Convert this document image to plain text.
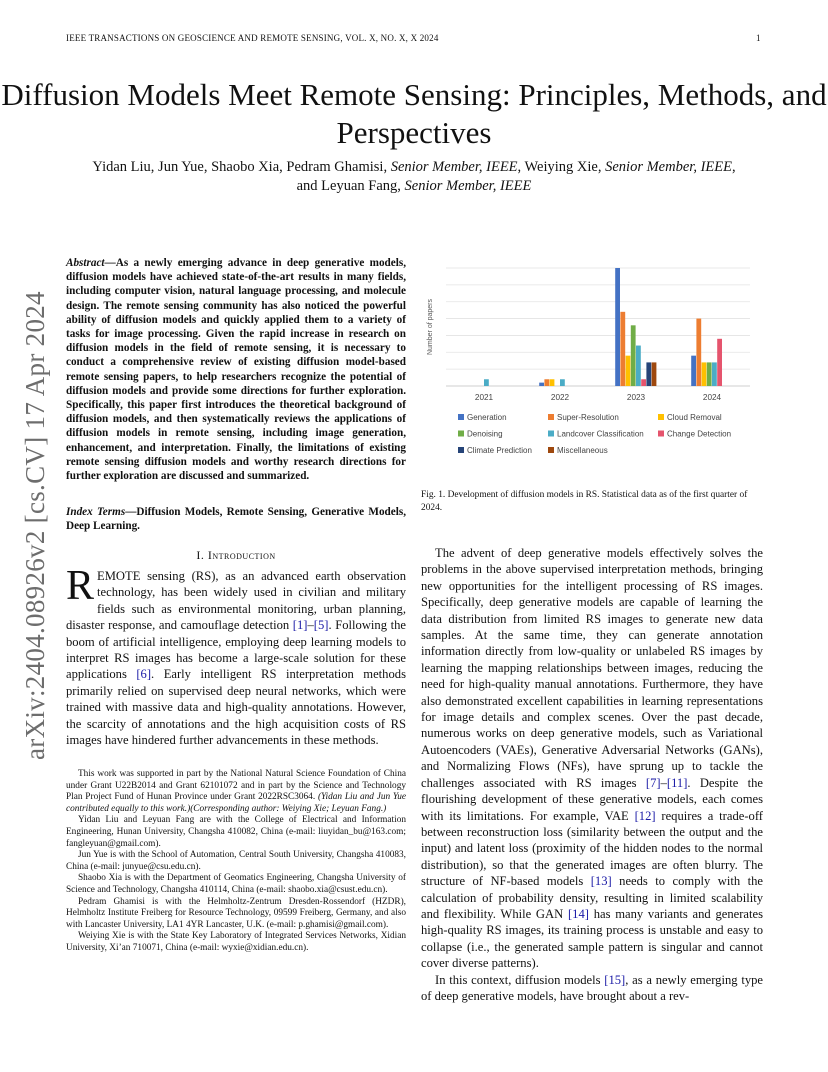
IEEE TRANSACTIONS ON GEOSCIENCE AND REMOTE SENSING, VOL. X, NO. X, X 2024	1
Diffusion Models Meet Remote Sensing: Principles, Methods, and Perspectives
Yidan Liu, Jun Yue, Shaobo Xia, Pedram Ghamisi, Senior Member, IEEE, Weiying Xie, Senior Member, IEEE,
and Leyuan Fang, Senior Member, IEEE
arXiv:2404.08926v2 [cs.CV] 17 Apr 2024
Abstract—As a newly emerging advance in deep generative models, diffusion models have achieved state-of-the-art results in many fields, including computer vision, natural language processing, and molecule design. The remote sensing community has also noticed the powerful ability of diffusion models and quickly applied them to a variety of tasks for image processing. Given the rapid increase in research on diffusion models in the field of remote sensing, it is necessary to conduct a comprehensive review of existing diffusion model-based remote sensing papers, to help researchers recognize the potential of diffusion models and provide some directions for further exploration. Specifically, this paper first introduces the theoretical background of diffusion models, and then systematically reviews the applications of diffusion models in remote sensing, including image generation, enhancement, and interpretation. Finally, the limitations of existing remote sensing diffusion models and worthy research directions for further exploration are discussed and summarized.
Index Terms—Diffusion Models, Remote Sensing, Generative Models, Deep Learning.
I. Introduction
REMOTE sensing (RS), as an advanced earth observation technology, has been widely used in civilian and military fields such as environmental monitoring, urban planning, disaster response, and camouflage detection [1]–[5]. Following the boom of artificial intelligence, employing deep learning models to interpret RS images has become a large-scale solution for these applications [6]. Early intelligent RS interpretation methods primarily relied on supervised deep neural networks, which were trained with massive data and high-quality annotations. However, the scarcity of annotations and the high acquisition costs of RS images have hindered further advancements in these methods.

This work was supported in part by the National Natural Science Foundation of China under Grant U22B2014 and Grant 62101072 and in part by the Science and Technology Plan Project Fund of Hunan Province under Grant 2022RSC3064. (Yidan Liu and Jun Yue contributed equally to this work.)(Corresponding author: Weiying Xie; Leyuan Fang.)

Yidan Liu and Leyuan Fang are with the College of Electrical and Information Engineering, Hunan University, Changsha 410082, China (e-mail: liuyidan_bu@163.com; fangleyuan@gmail.com).

Jun Yue is with the School of Automation, Central South University, Changsha 410083, China (e-mail: junyue@csu.edu.cn).

Shaobo Xia is with the Department of Geomatics Engineering, Changsha University of Science and Technology, Changsha 410114, China (e-mail: shaobo.xia@csust.edu.cn).

Pedram Ghamisi is with the Helmholtz-Zentrum Dresden-Rossendorf (HZDR), Helmholtz Institute Freiberg for Resource Technology, 09599 Freiberg, Germany, and also with Lancaster University, LA1 4YR Lancaster, U.K. (e-mail: p.ghamisi@gmail.com).

Weiying Xie is with the State Key Laboratory of Integrated Services Networks, Xidian University, Xi’an 710071, China (e-mail: wyxie@xidian.edu.cn).

Number of papers
2021	2022	2023	2024
Generation	Super-Resolution	Cloud Removal
Denoising	Landcover Classification	Change Detection
Climate Prediction	Miscellaneous
Fig. 1. Development of diffusion models in RS. Statistical data as of the first quarter of 2024.

The advent of deep generative models effectively solves the problems in the above supervised interpretation methods, bringing new opportunities for the intelligent processing of RS images. Specifically, deep generative models are capable of learning the data distribution from limited RS images to generate new data samples. At the same time, they can generate annotation information directly from low-quality or unlabeled RS images by learning the mapping relationships between images, reducing the need for high-quality manual annotations. Furthermore, they have also demonstrated excellent capabilities in learning representations for image details and complex scenes. Over the past decade, numerous works on deep generative models, such as Variational Autoencoders (VAEs), Generative Adversarial Networks (GANs), and Normalizing Flows (NFs), have sprung up to tackle the challenges associated with RS images [7]–[11]. Despite the flourishing development of these generative models, each comes with its limitations. For example, VAE [12] requires a trade-off between reconstruction loss (similarity between the output and the input) and latent loss (proximity of the hidden nodes to the normal distribution), so that the generated images are often blurry. The structure of NF-based models [13] needs to comply with the calculation of probability density, resulting in limited scalability and flexibility. While GAN [14] has many variants and generates high-quality RS images, its training process is unstable and easy to collapse (i.e., the generated sample pattern is singular and cannot cover diverse patterns).

In this context, diffusion models [15], as a newly emerging type of deep generative models, have brought about a rev-
